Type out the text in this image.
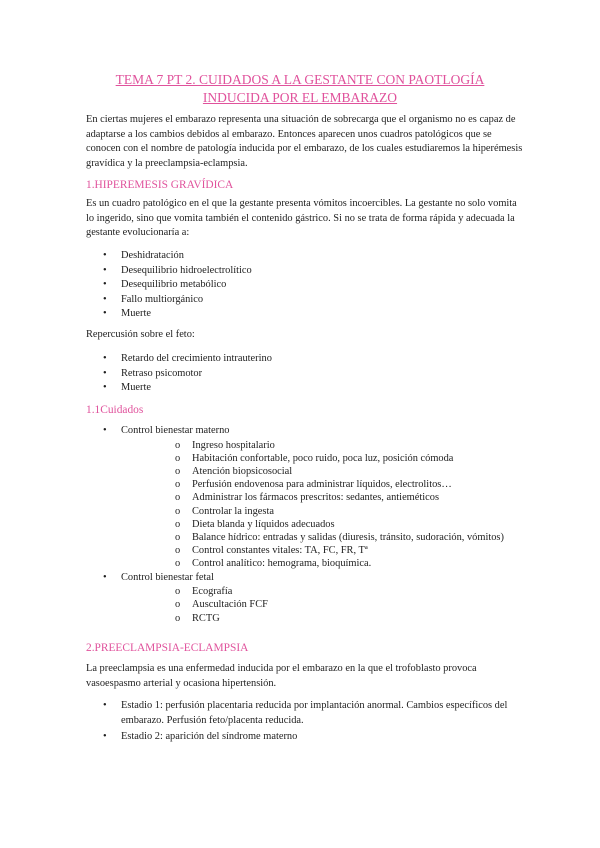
TEMA 7 PT 2. CUIDADOS A LA GESTANTE CON PAOTLOGÍA
INDUCIDA POR EL EMBARAZO

En ciertas mujeres el embarazo representa una situación de sobrecarga que el organismo no es capaz de adaptarse a los cambios debidos al embarazo. Entonces aparecen unos cuadros patológicos que se conocen con el nombre de patología inducida por el embarazo, de los cuales estudiaremos la hiperémesis gravídica y la preeclampsia-eclampsia.

1.HIPEREMESIS GRAVÍDICA

Es un cuadro patológico en el que la gestante presenta vómitos incoercibles. La gestante no solo vomita lo ingerido, sino que vomita también el contenido gástrico. Si no se trata de forma rápida y adecuada la gestante evolucionaría a:

• Deshidratación
• Desequilibrio hidroelectrolítico
• Desequilibrio metabólico
• Fallo multiorgánico
• Muerte

Repercusión sobre el feto:

• Retardo del crecimiento intrauterino
• Retraso psicomotor
• Muerte

1.1Cuidados

• Control bienestar materno
o Ingreso hospitalario
o Habitación confortable, poco ruido, poca luz, posición cómoda
o Atención biopsicosocial
o Perfusión endovenosa para administrar líquidos, electrolitos…
o Administrar los fármacos prescritos: sedantes, antieméticos
o Controlar la ingesta
o Dieta blanda y líquidos adecuados
o Balance hídrico: entradas y salidas (diuresis, tránsito, sudoración, vómitos)
o Control constantes vitales: TA, FC, FR, Tª
o Control analítico: hemograma, bioquímica.
• Control bienestar fetal
o Ecografía
o Auscultación FCF
o RCTG

2.PREECLAMPSIA-ECLAMPSIA

La preeclampsia es una enfermedad inducida por el embarazo en la que el trofoblasto provoca vasoespasmo arterial y ocasiona hipertensión.

• Estadio 1: perfusión placentaria reducida por implantación anormal. Cambios específicos del embarazo. Perfusión feto/placenta reducida.
• Estadio 2: aparición del síndrome materno
